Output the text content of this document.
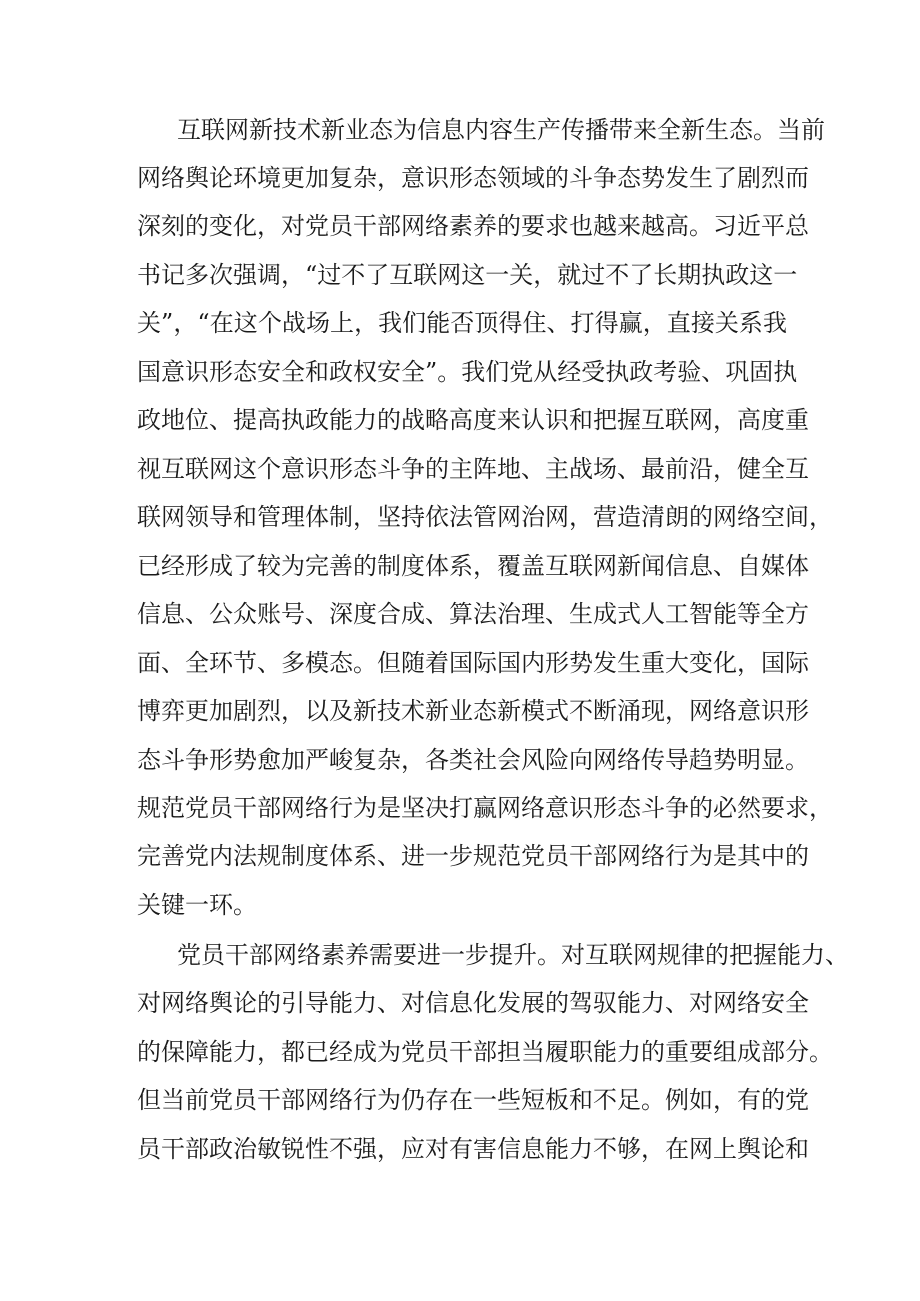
互联网新技术新业态为信息内容生产传播带来全新生态。当前
网络舆论环境更加复杂，意识形态领域的斗争态势发生了剧烈而
深刻的变化，对党员干部网络素养的要求也越来越高。习近平总
书记多次强调，“过不了互联网这一关，就过不了长期执政这一
关”，“在这个战场上，我们能否顶得住、打得赢，直接关系我
国意识形态安全和政权安全”。我们党从经受执政考验、巩固执
政地位、提高执政能力的战略高度来认识和把握互联网，高度重
视互联网这个意识形态斗争的主阵地、主战场、最前沿，健全互
联网领导和管理体制，坚持依法管网治网，营造清朗的网络空间，
已经形成了较为完善的制度体系，覆盖互联网新闻信息、自媒体
信息、公众账号、深度合成、算法治理、生成式人工智能等全方
面、全环节、多模态。但随着国际国内形势发生重大变化，国际
博弈更加剧烈，以及新技术新业态新模式不断涌现，网络意识形
态斗争形势愈加严峻复杂，各类社会风险向网络传导趋势明显。
规范党员干部网络行为是坚决打赢网络意识形态斗争的必然要求，
完善党内法规制度体系、进一步规范党员干部网络行为是其中的
关键一环。
党员干部网络素养需要进一步提升。对互联网规律的把握能力、
对网络舆论的引导能力、对信息化发展的驾驭能力、对网络安全
的保障能力，都已经成为党员干部担当履职能力的重要组成部分。
但当前党员干部网络行为仍存在一些短板和不足。例如，有的党
员干部政治敏锐性不强，应对有害信息能力不够，在网上舆论和
